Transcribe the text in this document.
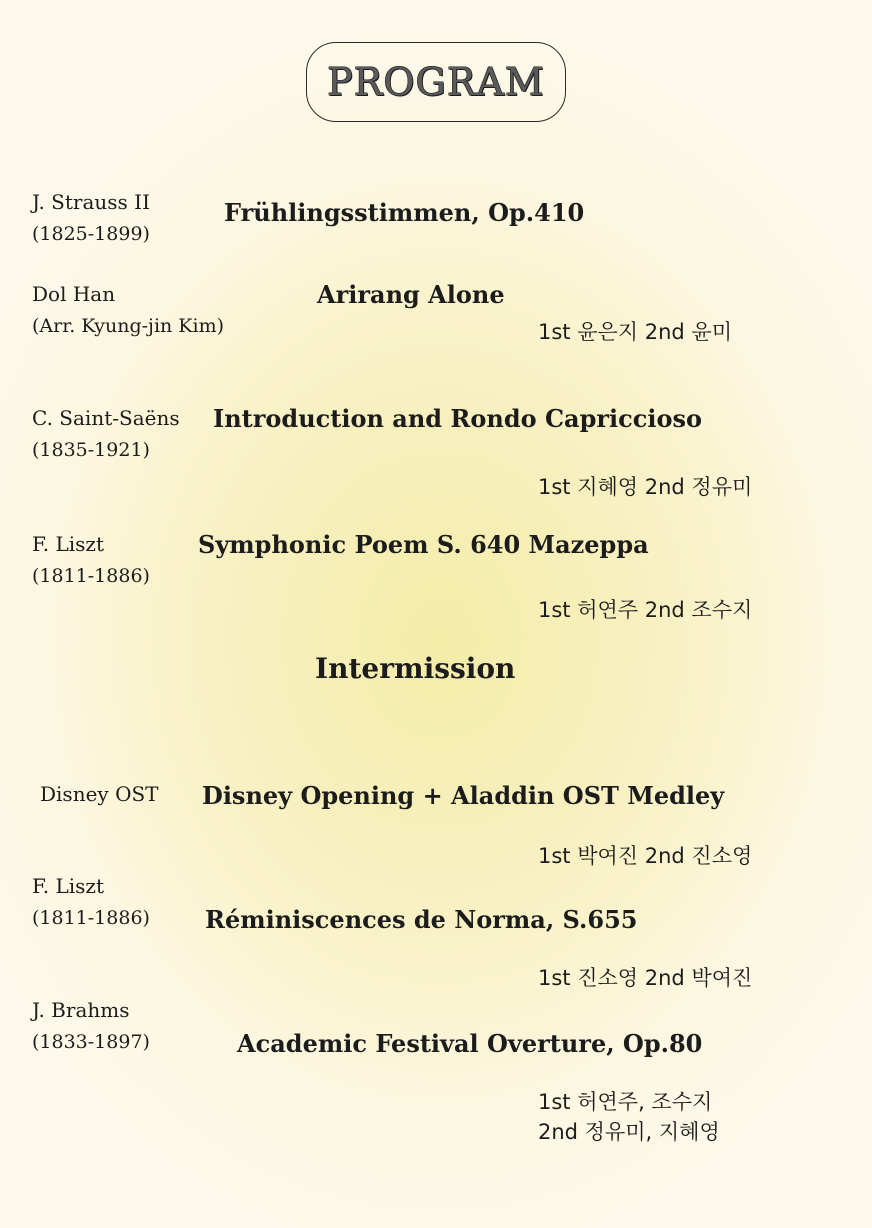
PROGRAM
J. Strauss II
(1825-1899)
Frühlingsstimmen, Op.410
Dol Han
(Arr. Kyung-jin Kim)
Arirang Alone
1st 윤은지 2nd 윤미
C. Saint-Saëns
(1835-1921)
Introduction and Rondo Capriccioso
1st 지혜영 2nd 정유미
F. Liszt
(1811-1886)
Symphonic Poem S. 640 Mazeppa
1st 허연주 2nd 조수지
Intermission
Disney OST Disney Opening + Aladdin OST Medley
1st 박여진 2nd 진소영
F. Liszt
(1811-1886) Réminiscences de Norma, S.655
1st 진소영 2nd 박여진
J. Brahms
(1833-1897)	Academic Festival Overture, Op.80
1st 허연주, 조수지
2nd 정유미, 지혜영
